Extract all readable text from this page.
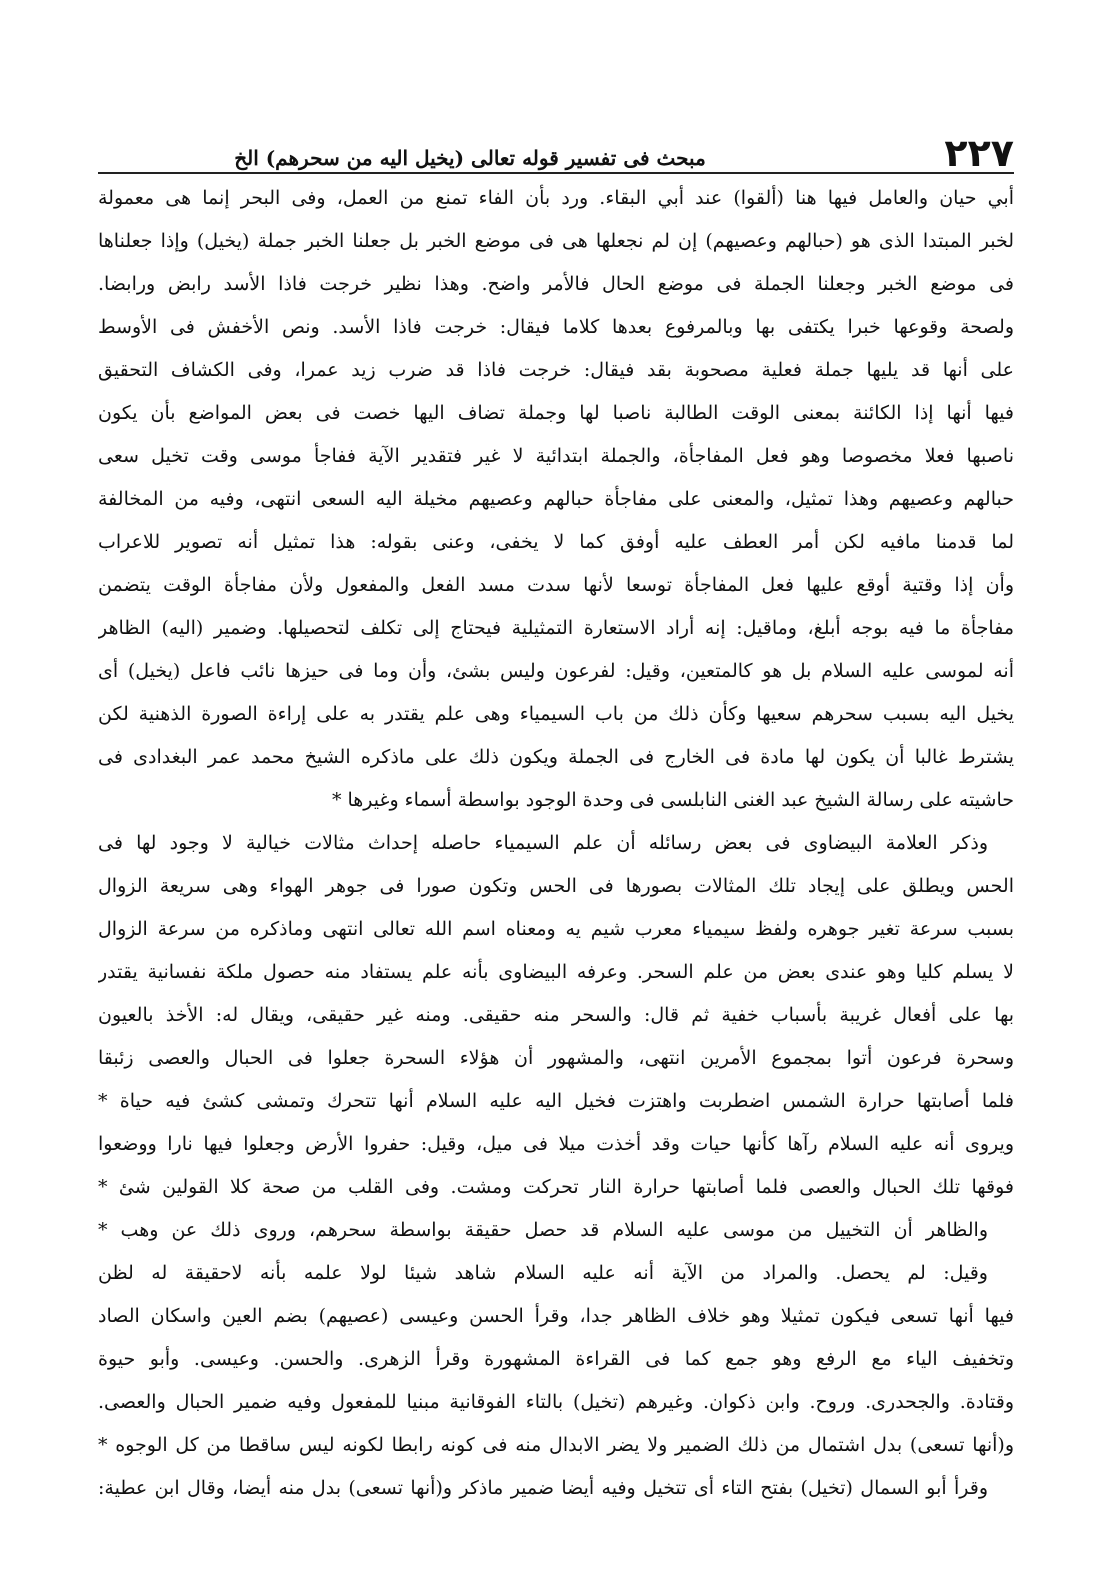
٢٢٧
مبحث فى تفسير قوله تعالى (يخيل اليه من سحرهم) الخ
أبي حيان والعامل فيها هنا (ألقوا) عند أبي البقاء. ورد بأن الفاء تمنع من العمل، وفى البحر إنما هى معمولة
لخبر المبتدا الذى هو (حبالهم وعصيهم) إن لم نجعلها هى فى موضع الخبر بل جعلنا الخبر جملة (يخيل) وإذا جعلناها
فى موضع الخبر وجعلنا الجملة فى موضع الحال فالأمر واضح. وهذا نظير خرجت فاذا الأسد رابض ورابضا.
ولصحة وقوعها خبرا يكتفى بها وبالمرفوع بعدها كلاما فيقال: خرجت فاذا الأسد. ونص الأخفش فى الأوسط
على أنها قد يليها جملة فعلية مصحوبة بقد فيقال: خرجت فاذا قد ضرب زيد عمرا، وفى الكشاف التحقيق
فيها أنها إذا الكائنة بمعنى الوقت الطالبة ناصبا لها وجملة تضاف اليها خصت فى بعض المواضع بأن يكون
ناصبها فعلا مخصوصا وهو فعل المفاجأة، والجملة ابتدائية لا غير فتقدير الآية ففاجأ موسى وقت تخيل سعى
حبالهم وعصيهم وهذا تمثيل، والمعنى على مفاجأة حبالهم وعصيهم مخيلة اليه السعى انتهى، وفيه من المخالفة
لما قدمنا مافيه لكن أمر العطف عليه أوفق كما لا يخفى، وعنى بقوله: هذا تمثيل أنه تصوير للاعراب
وأن إذا وقتية أوقع عليها فعل المفاجأة توسعا لأنها سدت مسد الفعل والمفعول ولأن مفاجأة الوقت يتضمن
مفاجأة ما فيه بوجه أبلغ، وماقيل: إنه أراد الاستعارة التمثيلية فيحتاج إلى تكلف لتحصيلها. وضمير (اليه) الظاهر
أنه لموسى عليه السلام بل هو كالمتعين، وقيل: لفرعون وليس بشئ، وأن وما فى حيزها نائب فاعل (يخيل) أى
يخيل اليه بسبب سحرهم سعيها وكأن ذلك من باب السيمياء وهى علم يقتدر به على إراءة الصورة الذهنية لكن
يشترط غالبا أن يكون لها مادة فى الخارج فى الجملة ويكون ذلك على ماذكره الشيخ محمد عمر البغدادى فى
حاشيته على رسالة الشيخ عبد الغنى النابلسى فى وحدة الوجود بواسطة أسماء وغيرها *
وذكر العلامة البيضاوى فى بعض رسائله أن علم السيمياء حاصله إحداث مثالات خيالية لا وجود لها فى
الحس ويطلق على إيجاد تلك المثالات بصورها فى الحس وتكون صورا فى جوهر الهواء وهى سريعة الزوال
بسبب سرعة تغير جوهره ولفظ سيمياء معرب شيم يه ومعناه اسم الله تعالى انتهى وماذكره من سرعة الزوال
لا يسلم كليا وهو عندى بعض من علم السحر. وعرفه البيضاوى بأنه علم يستفاد منه حصول ملكة نفسانية يقتدر
بها على أفعال غريبة بأسباب خفية ثم قال: والسحر منه حقيقى. ومنه غير حقيقى، ويقال له: الأخذ بالعيون
وسحرة فرعون أتوا بمجموع الأمرين انتهى، والمشهور أن هؤلاء السحرة جعلوا فى الحبال والعصى زئبقا
فلما أصابتها حرارة الشمس اضطربت واهتزت فخيل اليه عليه السلام أنها تتحرك وتمشى كشئ فيه حياة *
ويروى أنه عليه السلام رآها كأنها حيات وقد أخذت ميلا فى ميل، وقيل: حفروا الأرض وجعلوا فيها نارا ووضعوا
فوقها تلك الحبال والعصى فلما أصابتها حرارة النار تحركت ومشت. وفى القلب من صحة كلا القولين شئ *
والظاهر أن التخييل من موسى عليه السلام قد حصل حقيقة بواسطة سحرهم، وروى ذلك عن وهب *
وقيل: لم يحصل. والمراد من الآية أنه عليه السلام شاهد شيئا لولا علمه بأنه لاحقيقة له لظن
فيها أنها تسعى فيكون تمثيلا وهو خلاف الظاهر جدا، وقرأ الحسن وعيسى (عصيهم) بضم العين واسكان الصاد
وتخفيف الياء مع الرفع وهو جمع كما فى القراءة المشهورة وقرأ الزهرى. والحسن. وعيسى. وأبو حيوة
وقتادة. والجحدرى. وروح. وابن ذكوان. وغيرهم (تخيل) بالتاء الفوقانية مبنيا للمفعول وفيه ضمير الحبال والعصى.
و(أنها تسعى) بدل اشتمال من ذلك الضمير ولا يضر الابدال منه فى كونه رابطا لكونه ليس ساقطا من كل الوجوه *
وقرأ أبو السمال (تخيل) بفتح التاء أى تتخيل وفيه أيضا ضمير ماذكر و(أنها تسعى) بدل منه أيضا، وقال ابن عطية:
